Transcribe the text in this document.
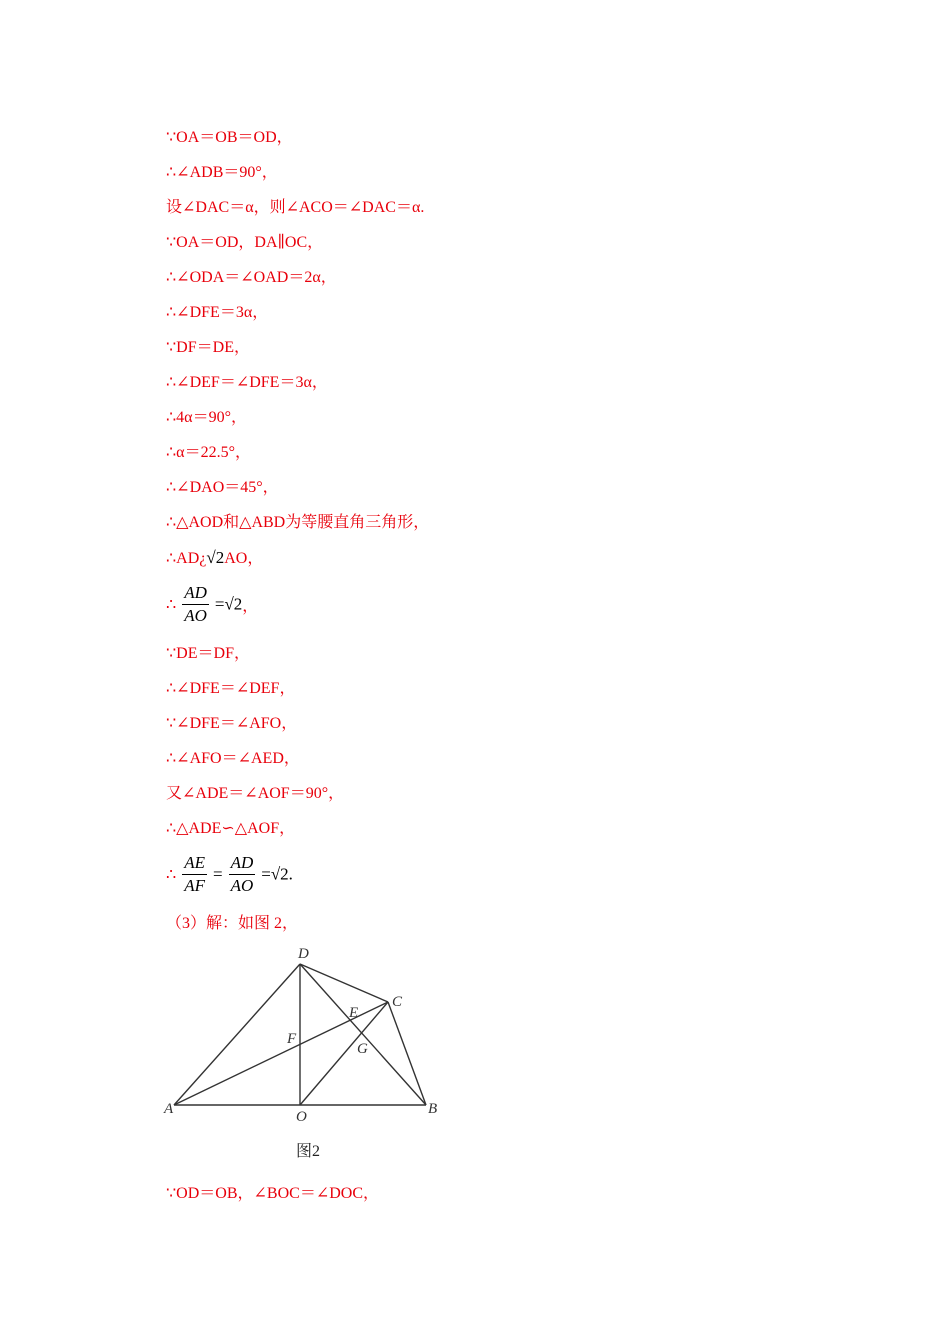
∵OA＝OB＝OD，
∴∠ADB＝90°，
设∠DAC＝α，则∠ACO＝∠DAC＝α.
∵OA＝OD，DA∥OC，
∴∠ODA＝∠OAD＝2α，
∴∠DFE＝3α，
∵DF＝DE，
∴∠DEF＝∠DFE＝3α，
∴4α＝90°，
∴α＝22.5°，
∴∠DAO＝45°，
∴△AOD和△ABD为等腰直角三角形，
∴AD¿√2AO，
∴ $\frac{AD}{AO} =√2$，
∵DE＝DF，
∴∠DFE＝∠DEF，
∵∠DFE＝∠AFO，
∴∠AFO＝∠AED，
又∠ADE＝∠AOF＝90°，
∴△ADE∽△AOF，
∴ $\frac{AE}{AF} = \frac{AD}{AO} =√2$.
（3）解：如图 2，
D
C
E
F
G
A	O	B
图2
∵OD＝OB，∠BOC＝∠DOC，
